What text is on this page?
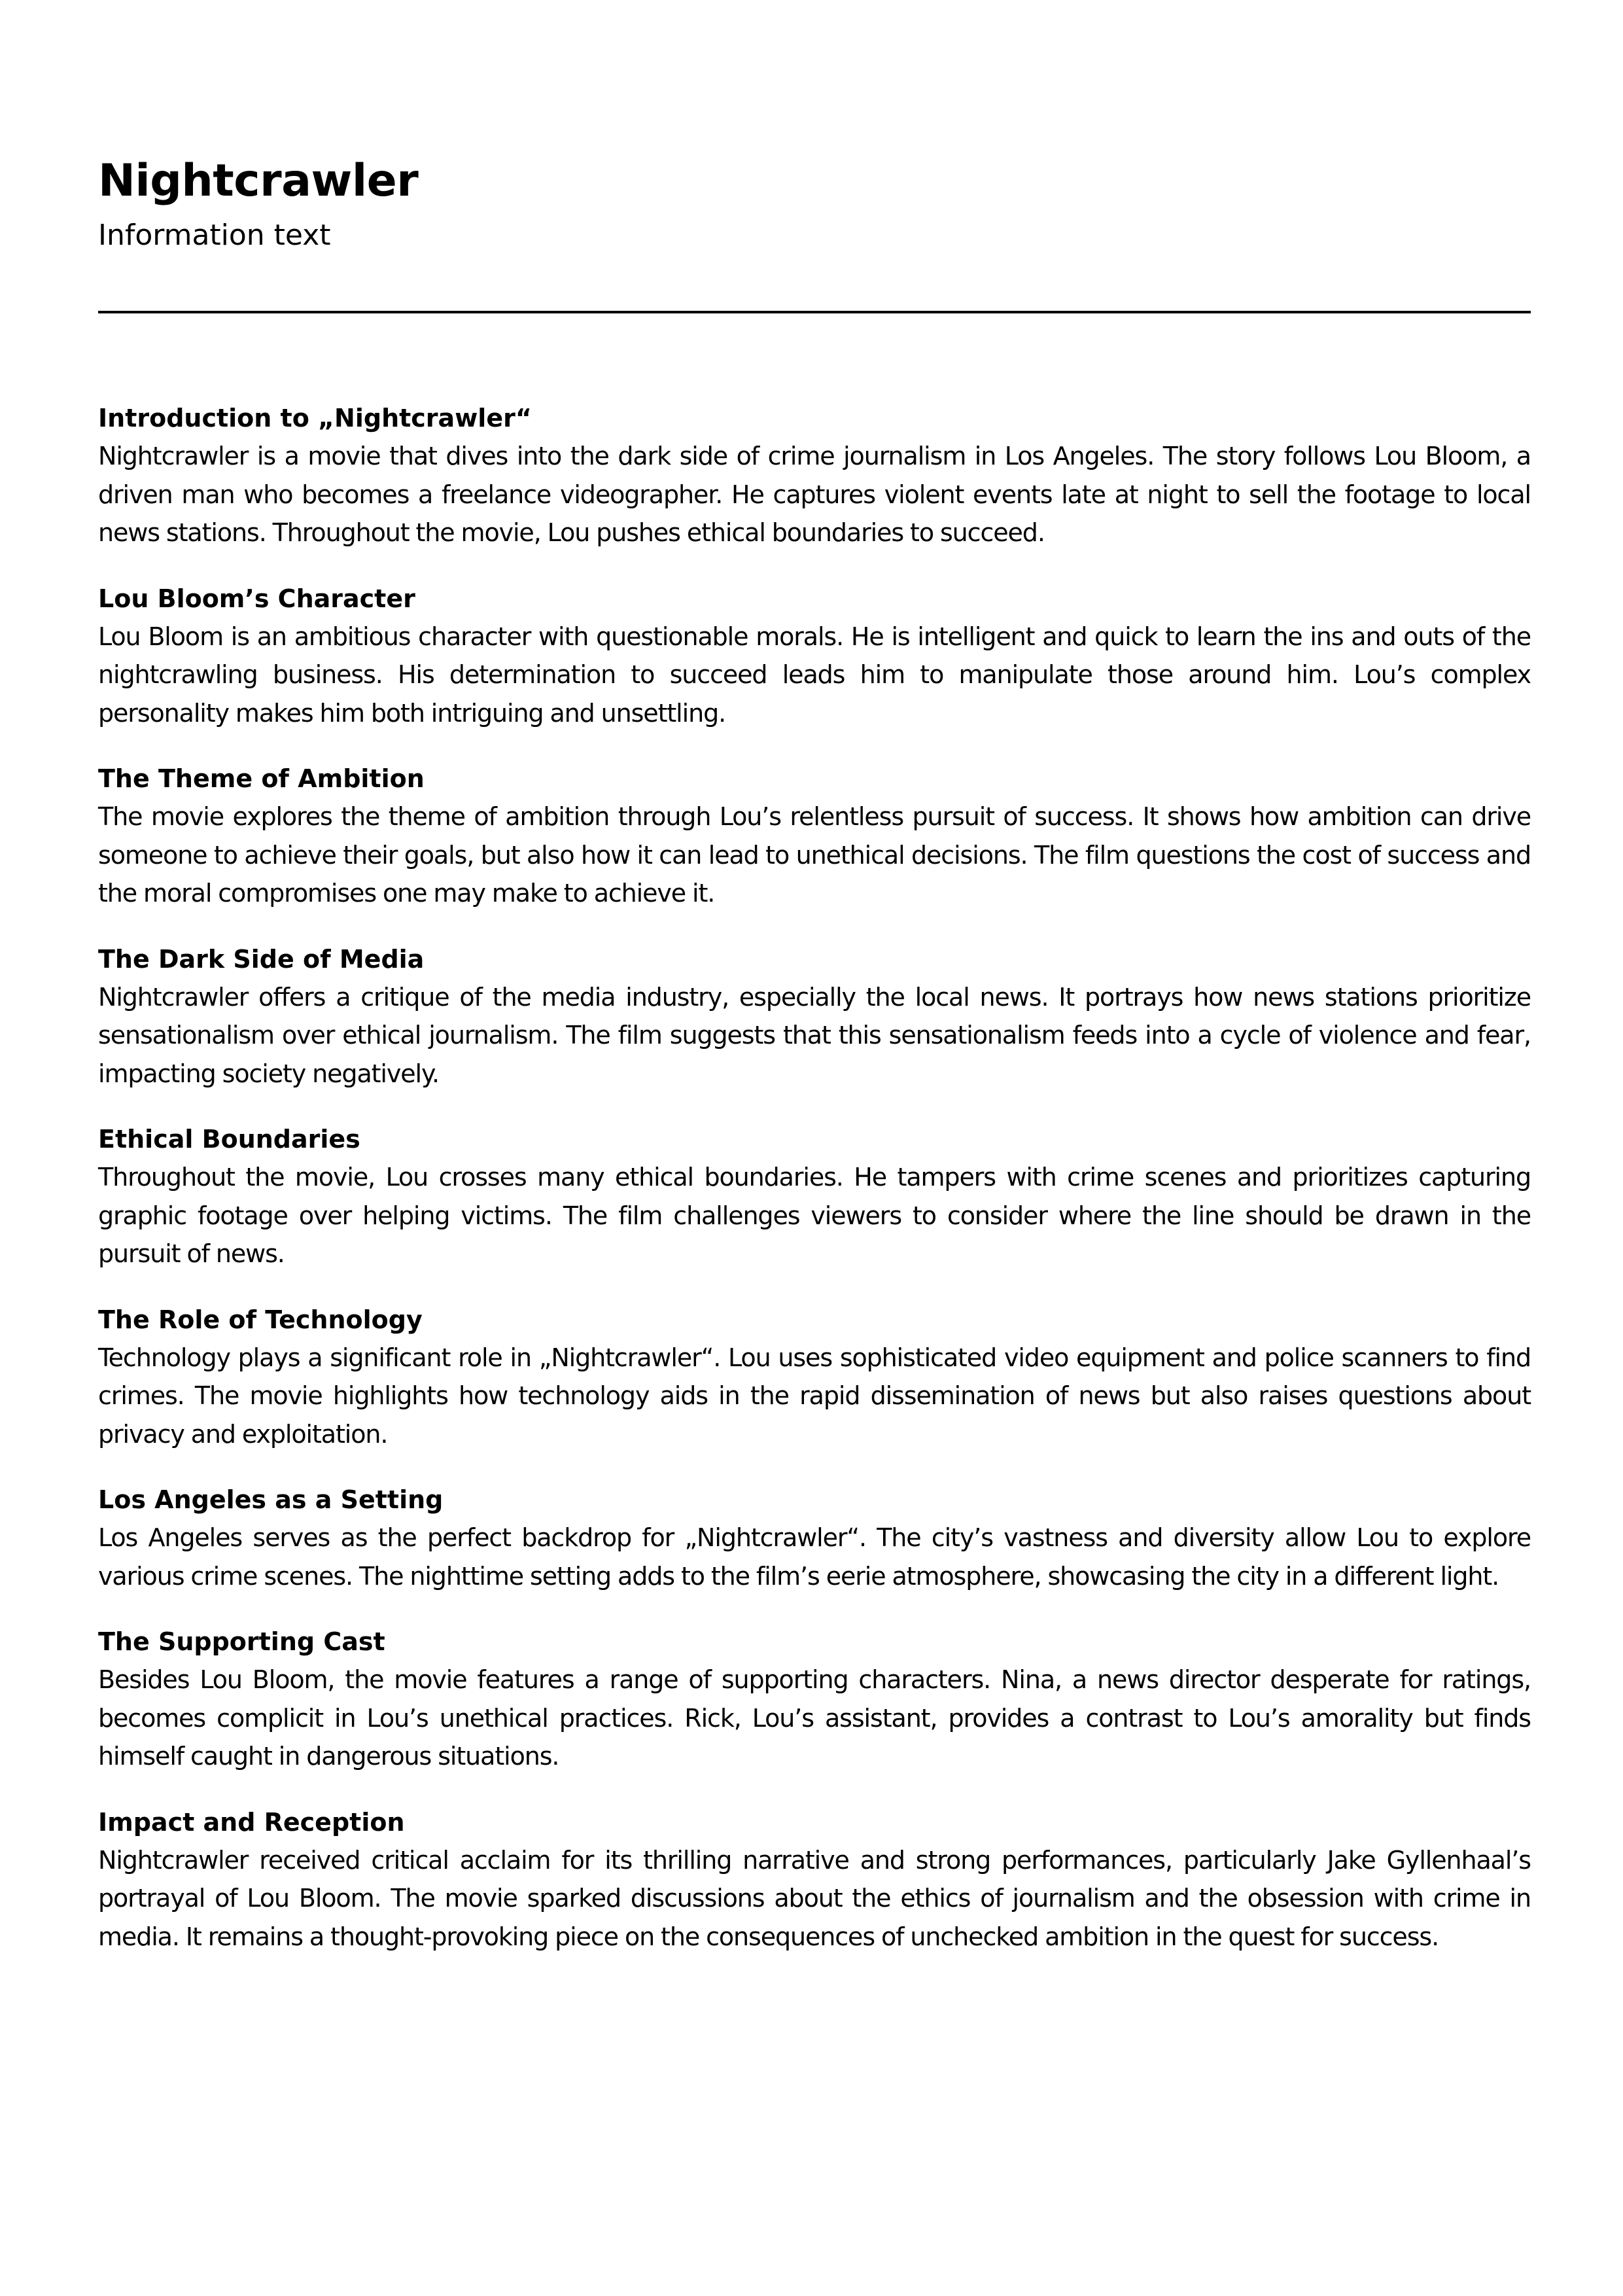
Nightcrawler

Information text

Introduction to „Nightcrawler“

Nightcrawler is a movie that dives into the dark side of crime journalism in Los Angeles. The story follows Lou Bloom, a driven man who becomes a freelance videographer. He captures violent events late at night to sell the footage to local news stations. Throughout the movie, Lou pushes ethical boundaries to succeed.

Lou Bloom’s Character

Lou Bloom is an ambitious character with questionable morals. He is intelligent and quick to learn the ins and outs of the nightcrawling business. His determination to succeed leads him to manipulate those around him. Lou’s complex personality makes him both intriguing and unsettling.

The Theme of Ambition

The movie explores the theme of ambition through Lou’s relentless pursuit of success. It shows how ambition can drive someone to achieve their goals, but also how it can lead to unethical decisions. The film questions the cost of success and the moral compromises one may make to achieve it.

The Dark Side of Media

Nightcrawler offers a critique of the media industry, especially the local news. It portrays how news stations prioritize sensationalism over ethical journalism. The film suggests that this sensationalism feeds into a cycle of violence and fear, impacting society negatively.

Ethical Boundaries

Throughout the movie, Lou crosses many ethical boundaries. He tampers with crime scenes and prioritizes capturing graphic footage over helping victims. The film challenges viewers to consider where the line should be drawn in the pursuit of news.

The Role of Technology

Technology plays a significant role in „Nightcrawler“. Lou uses sophisticated video equipment and police scanners to find crimes. The movie highlights how technology aids in the rapid dissemination of news but also raises questions about privacy and exploitation.

Los Angeles as a Setting

Los Angeles serves as the perfect backdrop for „Nightcrawler“. The city’s vastness and diversity allow Lou to explore various crime scenes. The nighttime setting adds to the film’s eerie atmosphere, showcasing the city in a different light.

The Supporting Cast

Besides Lou Bloom, the movie features a range of supporting characters. Nina, a news director desperate for ratings, becomes complicit in Lou’s unethical practices. Rick, Lou’s assistant, provides a contrast to Lou’s amorality but finds himself caught in dangerous situations.

Impact and Reception

Nightcrawler received critical acclaim for its thrilling narrative and strong performances, particularly Jake Gyllenhaal’s portrayal of Lou Bloom. The movie sparked discussions about the ethics of journalism and the obsession with crime in media. It remains a thought-provoking piece on the consequences of unchecked ambition in the quest for success.
